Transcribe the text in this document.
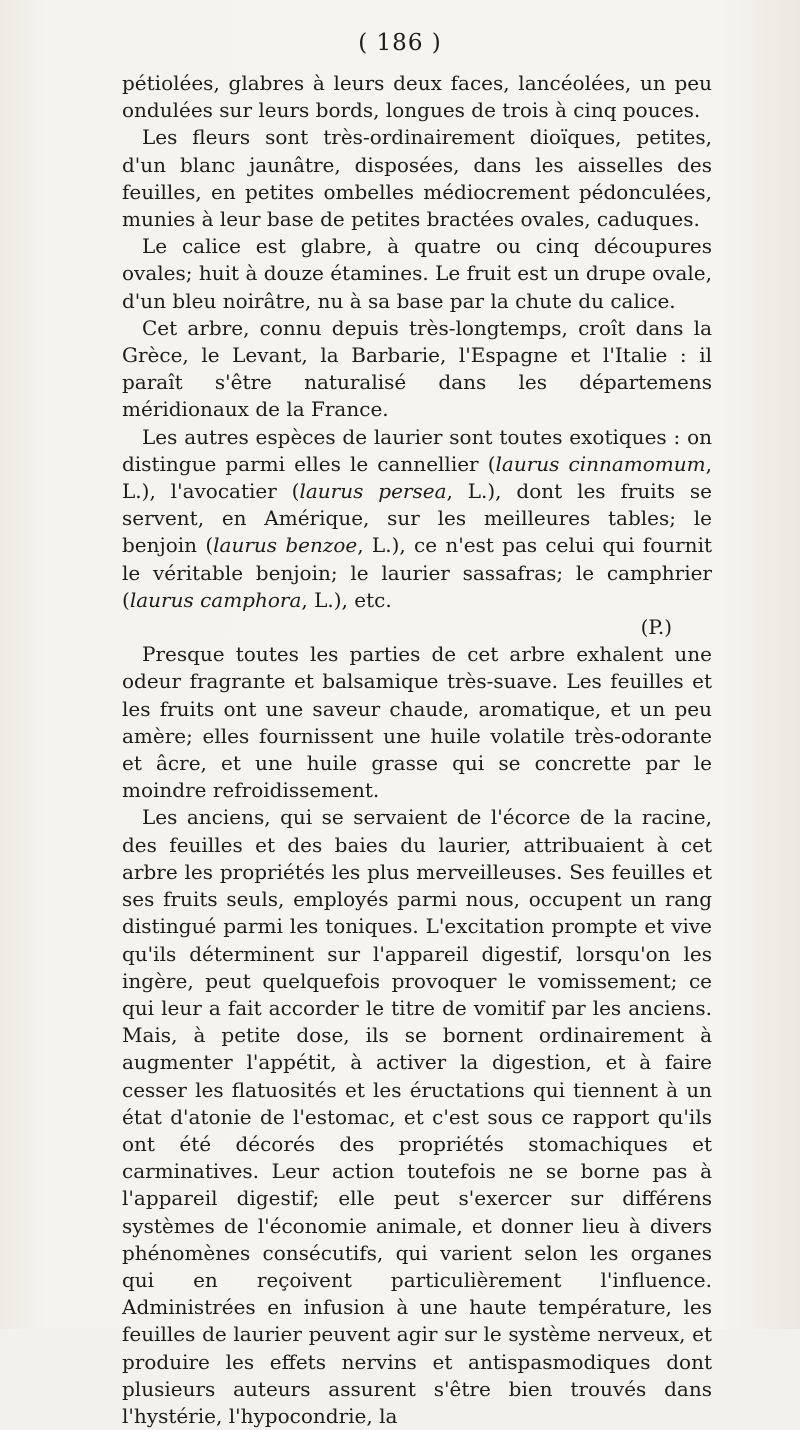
( 186 )

pétiolées, glabres à leurs deux faces, lancéolées, un peu ondulées sur leurs bords, longues de trois à cinq pouces.

Les fleurs sont très-ordinairement dioïques, petites, d'un blanc jaunâtre, disposées, dans les aisselles des feuilles, en petites ombelles médiocrement pédonculées, munies à leur base de petites bractées ovales, caduques.

Le calice est glabre, à quatre ou cinq découpures ovales; huit à douze étamines. Le fruit est un drupe ovale, d'un bleu noirâtre, nu à sa base par la chute du calice.

Cet arbre, connu depuis très-longtemps, croît dans la Grèce, le Levant, la Barbarie, l'Espagne et l'Italie : il paraît s'être naturalisé dans les départemens méridionaux de la France.

Les autres espèces de laurier sont toutes exotiques : on distingue parmi elles le cannellier (laurus cinnamomum, L.), l'avocatier (laurus persea, L.), dont les fruits se servent, en Amérique, sur les meilleures tables; le benjoin (laurus benzoe, L.), ce n'est pas celui qui fournit le véritable benjoin; le laurier sassafras; le camphrier (laurus camphora, L.), etc.
(P.)

Presque toutes les parties de cet arbre exhalent une odeur fragrante et balsamique très-suave. Les feuilles et les fruits ont une saveur chaude, aromatique, et un peu amère; elles fournissent une huile volatile très-odorante et âcre, et une huile grasse qui se concrette par le moindre refroidissement.

Les anciens, qui se servaient de l'écorce de la racine, des feuilles et des baies du laurier, attribuaient à cet arbre les propriétés les plus merveilleuses. Ses feuilles et ses fruits seuls, employés parmi nous, occupent un rang distingué parmi les toniques. L'excitation prompte et vive qu'ils déterminent sur l'appareil digestif, lorsqu'on les ingère, peut quelquefois provoquer le vomissement; ce qui leur a fait accorder le titre de vomitif par les anciens. Mais, à petite dose, ils se bornent ordinairement à augmenter l'appétit, à activer la digestion, et à faire cesser les flatuosités et les éructations qui tiennent à un état d'atonie de l'estomac, et c'est sous ce rapport qu'ils ont été décorés des propriétés stomachiques et carminatives. Leur action toutefois ne se borne pas à l'appareil digestif; elle peut s'exercer sur différens systèmes de l'économie animale, et donner lieu à divers phénomènes consécutifs, qui varient selon les organes qui en reçoivent particulièrement l'influence. Administrées en infusion à une haute température, les feuilles de laurier peuvent agir sur le système nerveux, et produire les effets nervins et antispasmodiques dont plusieurs auteurs assurent s'être bien trouvés dans l'hystérie, l'hypocondrie, la
